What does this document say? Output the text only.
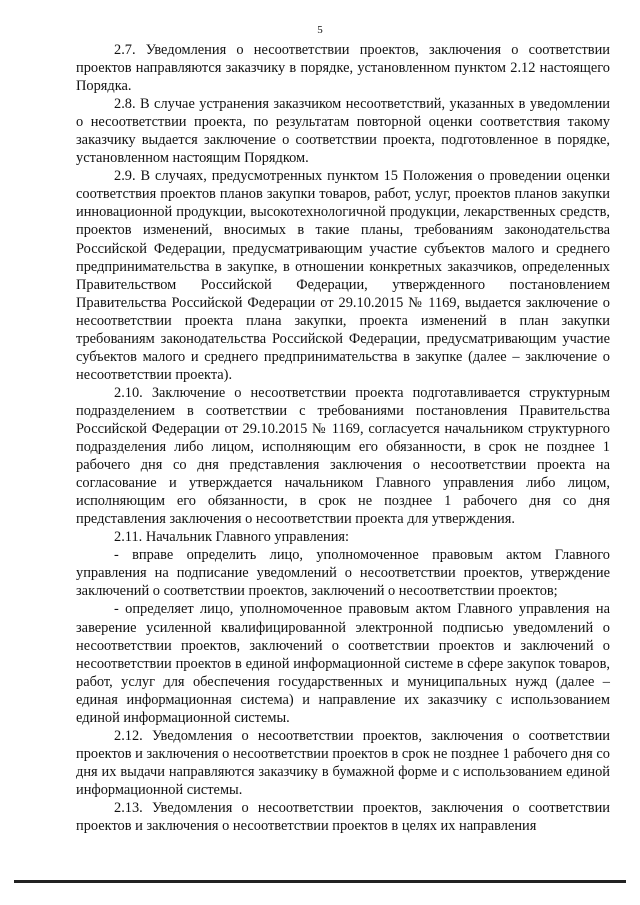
5

2.7. Уведомления о несоответствии проектов, заключения о соответствии проектов направляются заказчику в порядке, установленном пунктом 2.12 настоящего Порядка.

2.8. В случае устранения заказчиком несоответствий, указанных в уведомлении о несоответствии проекта, по результатам повторной оценки соответствия такому заказчику выдается заключение о соответствии проекта, подготовленное в порядке, установленном настоящим Порядком.

2.9. В случаях, предусмотренных пунктом 15 Положения о проведении оценки соответствия проектов планов закупки товаров, работ, услуг, проектов планов закупки инновационной продукции, высокотехнологичной продукции, лекарственных средств, проектов изменений, вносимых в такие планы, требованиям законодательства Российской Федерации, предусматривающим участие субъектов малого и среднего предпринимательства в закупке, в отношении конкретных заказчиков, определенных Правительством Российской Федерации, утвержденного постановлением Правительства Российской Федерации от 29.10.2015 № 1169, выдается заключение о несоответствии проекта плана закупки, проекта изменений в план закупки требованиям законодательства Российской Федерации, предусматривающим участие субъектов малого и среднего предпринимательства в закупке (далее – заключение о несоответствии проекта).

2.10. Заключение о несоответствии проекта подготавливается структурным подразделением в соответствии с требованиями постановления Правительства Российской Федерации от 29.10.2015 № 1169, согласуется начальником структурного подразделения либо лицом, исполняющим его обязанности, в срок не позднее 1 рабочего дня со дня представления заключения о несоответствии проекта на согласование и утверждается начальником Главного управления либо лицом, исполняющим его обязанности, в срок не позднее 1 рабочего дня со дня представления заключения о несоответствии проекта для утверждения.

2.11. Начальник Главного управления:

- вправе определить лицо, уполномоченное правовым актом Главного управления на подписание уведомлений о несоответствии проектов, утверждение заключений о соответствии проектов, заключений о несоответствии проектов;

- определяет лицо, уполномоченное правовым актом Главного управления на заверение усиленной квалифицированной электронной подписью уведомлений о несоответствии проектов, заключений о соответствии проектов и заключений о несоответствии проектов в единой информационной системе в сфере закупок товаров, работ, услуг для обеспечения государственных и муниципальных нужд (далее – единая информационная система) и направление их заказчику с использованием единой информационной системы.

2.12. Уведомления о несоответствии проектов, заключения о соответствии проектов и заключения о несоответствии проектов в срок не позднее 1 рабочего дня со дня их выдачи направляются заказчику в бумажной форме и с использованием единой информационной системы.

2.13. Уведомления о несоответствии проектов, заключения о соответствии проектов и заключения о несоответствии проектов в целях их направления
